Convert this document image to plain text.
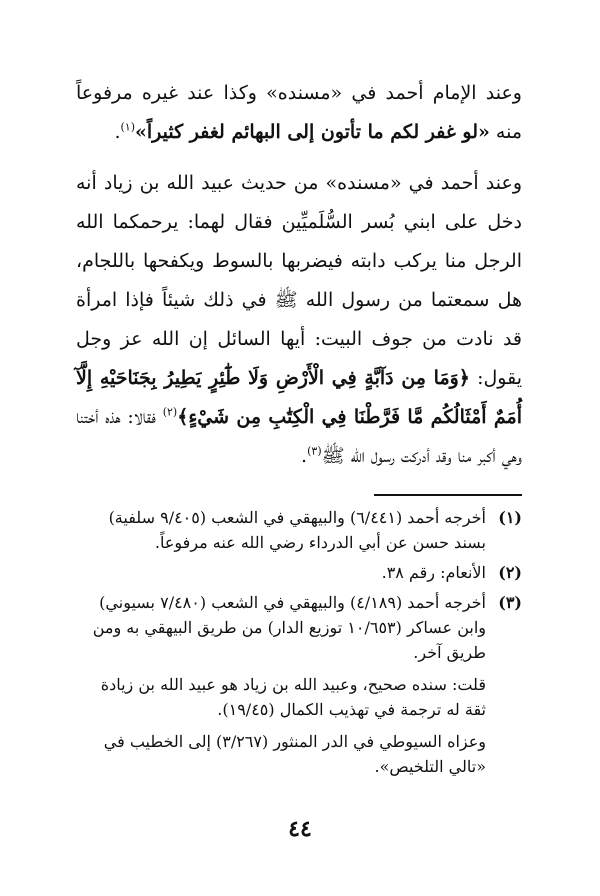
وعند الإمام أحمد في «مسنده» وكذا عند غيره مرفوعاً منه «لو غفر لكم ما تأتون إلى البهائم لغفر كثيراً»$^{(١)}$.

وعند أحمد في «مسنده» من حديث عبيد الله بن زياد أنه دخل على ابني بُسر السُّلَميِّين فقال لهما: يرحمكما الله الرجل منا يركب دابته فيضربها بالسوط ويكفحها باللجام، هل سمعتما من رسول الله ﷺ في ذلك شيئاً فإذا امرأة قد نادت من جوف البيت: أيها السائل إن الله عز وجل يقول: ﴿وَمَا مِن دَآبَّةٍ فِي الْأَرْضِ وَلَا طَٰٓئِرٍ يَطِيرُ بِجَنَاحَيْهِ إِلَّآ أُمَمٌ أَمْثَالُكُم مَّا فَرَّطْنَا فِي الْكِتَٰبِ مِن شَيْءٍ﴾$^{(٢)}$ فقالا: هذه أختنا وهي أكبر منا وقد أدركت رسول الله ﷺ$^{(٣)}$.

(١)
أخرجه أحمد (٦/٤٤١) والبيهقي في الشعب (٩/٤٠٥ سلفية) بسند حسن عن أبي الدرداء رضي الله عنه مرفوعاً.
(٢)
الأنعام: رقم ٣٨.
(٣)
أخرجه أحمد (٤/١٨٩) والبيهقي في الشعب (٧/٤٨٠ بسيوني) وابن عساكر (١٠/٦٥٣ توزيع الدار) من طريق البيهقي به ومن طريق آخر.
قلت: سنده صحيح، وعبيد الله بن زياد هو عبيد الله بن زيادة ثقة له ترجمة في تهذيب الكمال (١٩/٤٥).
وعزاه السيوطي في الدر المنثور (٣/٢٦٧) إلى الخطيب في «تالي التلخيص».
٤٤
